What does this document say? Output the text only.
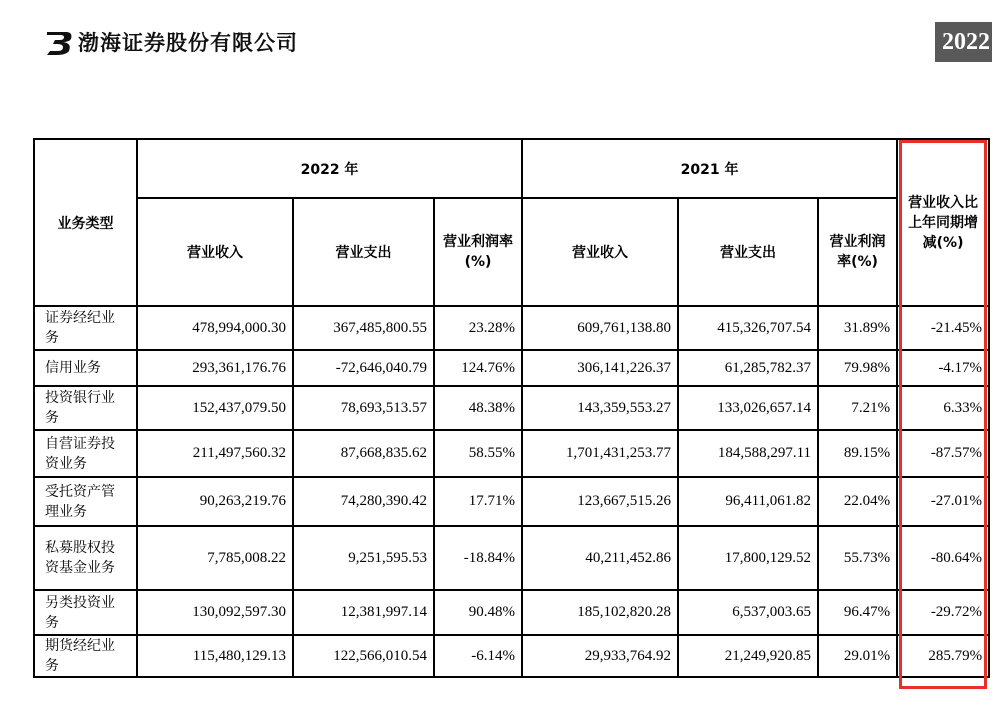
渤海证券股份有限公司	2022
业务类型	2022 年			2021 年			营业收入比上年同期增减(%)
	营业收入	营业支出	营业利润率(%)	营业收入	营业支出	营业利润率(%)	
证券经纪业务	478,994,000.30	367,485,800.55	23.28%	609,761,138.80	415,326,707.54	31.89%	-21.45%
信用业务	293,361,176.76	-72,646,040.79	124.76%	306,141,226.37	61,285,782.37	79.98%	-4.17%
投资银行业务	152,437,079.50	78,693,513.57	48.38%	143,359,553.27	133,026,657.14	7.21%	6.33%
自营证券投资业务	211,497,560.32	87,668,835.62	58.55%	1,701,431,253.77	184,588,297.11	89.15%	-87.57%
受托资产管理业务	90,263,219.76	74,280,390.42	17.71%	123,667,515.26	96,411,061.82	22.04%	-27.01%
私募股权投资基金业务	7,785,008.22	9,251,595.53	-18.84%	40,211,452.86	17,800,129.52	55.73%	-80.64%
另类投资业务	130,092,597.30	12,381,997.14	90.48%	185,102,820.28	6,537,003.65	96.47%	-29.72%
期货经纪业务	115,480,129.13	122,566,010.54	-6.14%	29,933,764.92	21,249,920.85	29.01%	285.79%
